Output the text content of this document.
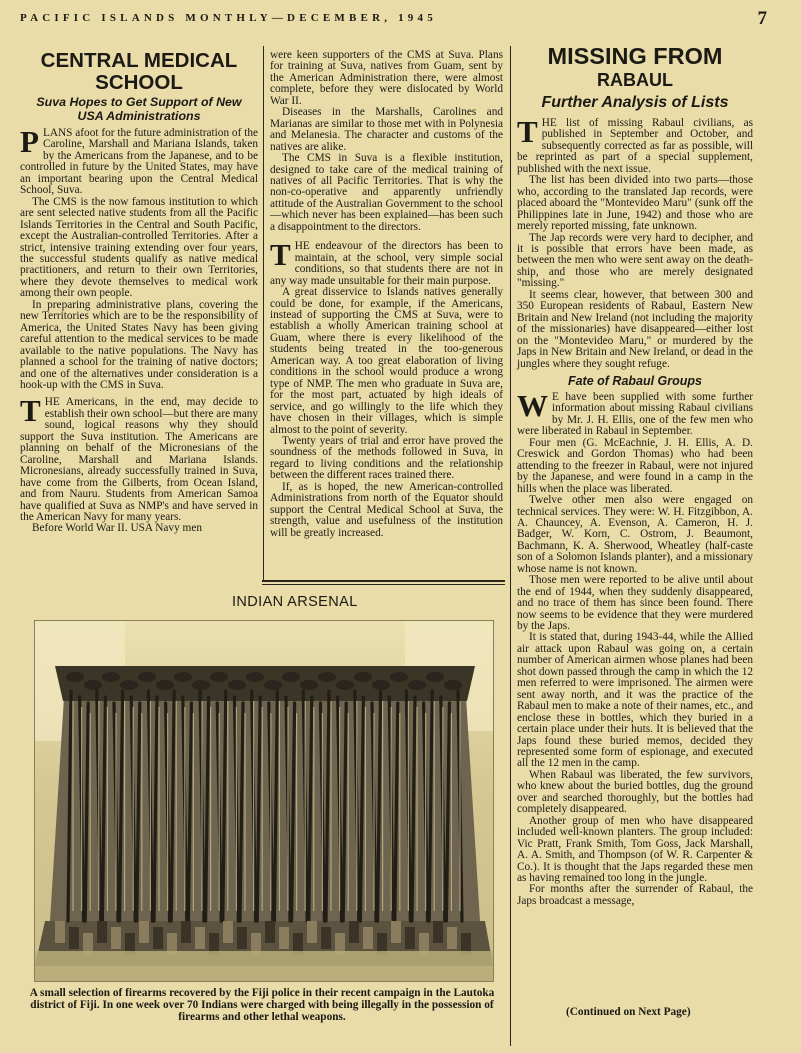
PACIFIC ISLANDS MONTHLY—DECEMBER, 1945	7
CENTRAL MEDICAL
SCHOOL
Suva Hopes to Get Support of New
USA Administrations

PLANS afoot for the future administration of the Caroline, Marshall and Mariana Islands, taken by the Americans from the Japanese, and to be controlled in future by the United States, may have an important bearing upon the Central Medical School, Suva.

The CMS is the now famous institution to which are sent selected native students from all the Pacific Islands Territories in the Central and South Pacific, except the Australian-controlled Territories. After a strict, intensive training extending over four years, the successful students qualify as native medical practitioners, and return to their own Territories, where they devote themselves to medical work among their own people.

In preparing administrative plans, covering the new Territories which are to be the responsibility of America, the United States Navy has been giving careful attention to the medical services to be made available to the native populations. The Navy has planned a school for the training of native doctors; and one of the alternatives under consideration is a hook-up with the CMS in Suva.

THE Americans, in the end, may decide to establish their own school—but there are many sound, logical reasons why they should support the Suva institution. The Americans are planning on behalf of the Micronesians of the Caroline, Marshall and Mariana Islands. Micronesians, already successfully trained in Suva, have come from the Gilberts, from Ocean Island, and from Nauru. Students from American Samoa have qualified at Suva as NMP's and have served in the American Navy for many years.

Before World War II. USA Navy men

were keen supporters of the CMS at Suva. Plans for training at Suva, natives from Guam, sent by the American Administration there, were almost complete, before they were dislocated by World War II.

Diseases in the Marshalls, Carolines and Marianas are similar to those met with in Polynesia and Melanesia. The character and customs of the natives are alike.

The CMS in Suva is a flexible institution, designed to take care of the medical training of natives of all Pacific Territories. That is why the non-co-operative and apparently unfriendly attitude of the Australian Government to the school—which never has been explained—has been such a disappointment to the directors.

THE endeavour of the directors has been to maintain, at the school, very simple social conditions, so that students there are not in any way made unsuitable for their main purpose.

A great disservice to Islands natives generally could be done, for example, if the Americans, instead of supporting the CMS at Suva, were to establish a wholly American training school at Guam, where there is every likelihood of the students being treated in the too-generous American way. A too great elaboration of living conditions in the school would produce a wrong type of NMP. The men who graduate in Suva are, for the most part, actuated by high ideals of service, and go willingly to the life which they have chosen in their villages, which is simple almost to the point of severity.

Twenty years of trial and error have proved the soundness of the methods followed in Suva, in regard to living conditions and the relationship between the different races trained there.

If, as is hoped, the new American-controlled Administrations from north of the Equator should support the Central Medical School at Suva, the strength, value and usefulness of the institution will be greatly increased.

INDIAN ARSENAL
A small selection of firearms recovered by the Fiji police in their recent campaign in the Lautoka district of Fiji. In one week over 70 Indians were charged with being illegally in the possession of firearms and other lethal weapons.
MISSING FROM
RABAUL
Further Analysis of Lists

THE list of missing Rabaul civilians, as published in September and October, and subsequently corrected as far as possible, will be reprinted as part of a special supplement, published with the next issue.

The list has been divided into two parts—those who, according to the translated Jap records, were placed aboard the "Montevideo Maru" (sunk off the Philippines late in June, 1942) and those who are merely reported missing, fate unknown.

The Jap records were very hard to decipher, and it is possible that errors have been made, as between the men who were sent away on the death-ship, and those who are merely designated "missing."

It seems clear, however, that between 300 and 350 European residents of Rabaul, Eastern New Britain and New Ireland (not including the majority of the missionaries) have disappeared—either lost on the "Montevideo Maru," or murdered by the Japs in New Britain and New Ireland, or dead in the jungles where they sought refuge.

Fate of Rabaul Groups

W E have been supplied with some further information about missing Rabaul civilians by Mr. J. H. Ellis, one of the few men who were liberated in Rabaul in September.

Four men (G. McEachnie, J. H. Ellis, A. D. Creswick and Gordon Thomas) who had been attending to the freezer in Rabaul, were not injured by the Japanese, and were found in a camp in the hills when the place was liberated.

Twelve other men also were engaged on technical services. They were: W. H. Fitzgibbon, A. A. Chauncey, A. Evenson, A. Cameron, H. J. Badger, W. Korn, C. Ostrom, J. Beaumont, Bachmann, K. A. Sherwood, Wheatley (half-caste son of a Solomon Islands planter), and a missionary whose name is not known.

Those men were reported to be alive until about the end of 1944, when they suddenly disappeared, and no trace of them has since been found. There now seems to be evidence that they were murdered by the Japs.

It is stated that, during 1943-44, while the Allied air attack upon Rabaul was going on, a certain number of American airmen whose planes had been shot down passed through the camp in which the 12 men referred to were imprisoned. The airmen were sent away north, and it was the practice of the Rabaul men to make a note of their names, etc., and enclose these in bottles, which they buried in a certain place under their huts. It is believed that the Japs found these buried memos, decided they represented some form of espionage, and executed all the 12 men in the camp.

When Rabaul was liberated, the few survivors, who knew about the buried bottles, dug the ground over and searched thoroughly, but the bottles had completely disappeared.

Another group of men who have disappeared included well-known planters. The group included: Vic Pratt, Frank Smith, Tom Goss, Jack Marshall, A. A. Smith, and Thompson (of W. R. Carpenter & Co.). It is thought that the Japs regarded these men as having remained too long in the jungle.

For months after the surrender of Rabaul, the Japs broadcast a message,

(Continued on Next Page)
